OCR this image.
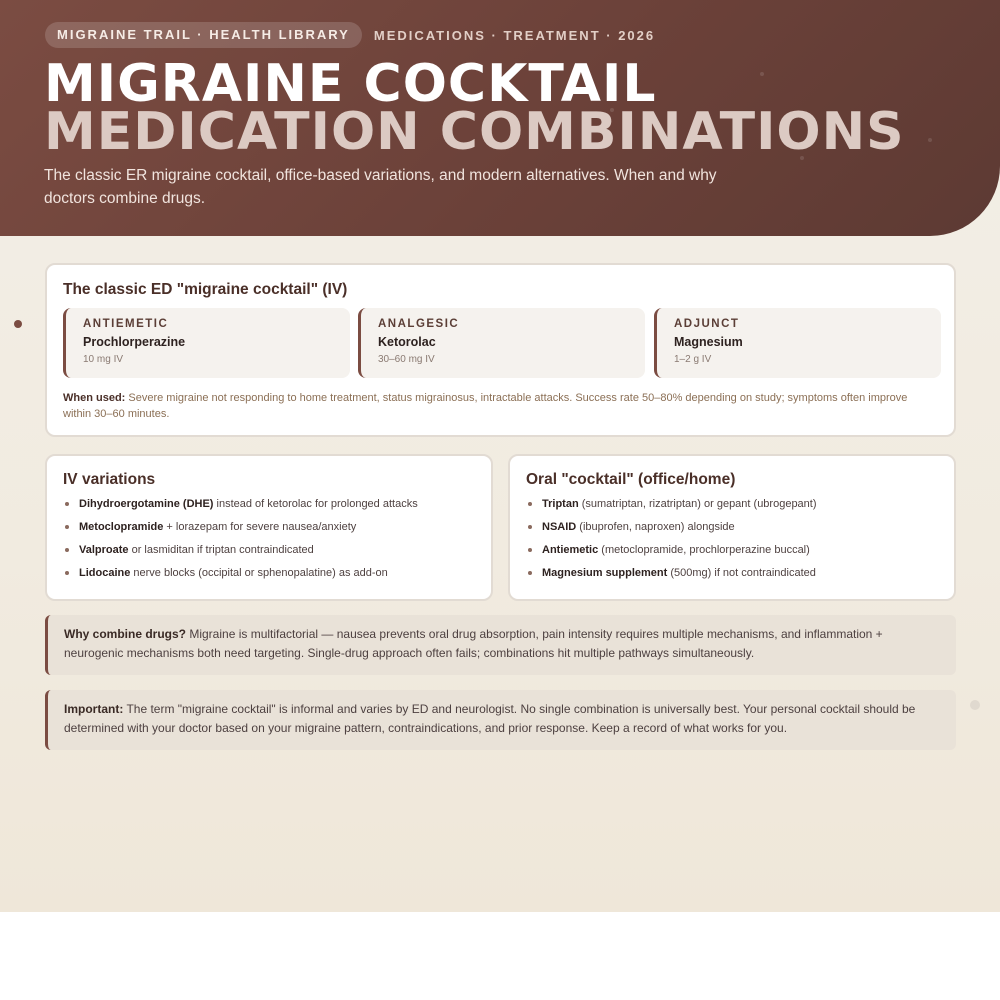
MIGRAINE TRAIL · HEALTH LIBRARY	MEDICATIONS · TREATMENT · 2026
MIGRAINE COCKTAIL
MEDICATION COMBINATIONS
The classic ER migraine cocktail, office-based variations, and modern alternatives. When and why doctors combine drugs.
The classic ED "migraine cocktail" (IV)
ANTIEMETIC
Prochlorperazine
10 mg IV
ANALGESIC
Ketorolac
30–60 mg IV
ADJUNCT
Magnesium
1–2 g IV

When used: Severe migraine not responding to home treatment, status migrainosus, intractable attacks. Success rate 50–80% depending on study; symptoms often improve within 30–60 minutes.

IV variations
Dihydroergotamine (DHE) instead of ketorolac for prolonged attacks
Metoclopramide + lorazepam for severe nausea/anxiety
Valproate or lasmiditan if triptan contraindicated
Lidocaine nerve blocks (occipital or sphenopalatine) as add-on
Oral "cocktail" (office/home)
Triptan (sumatriptan, rizatriptan) or gepant (ubrogepant)
NSAID (ibuprofen, naproxen) alongside
Antiemetic (metoclopramide, prochlorperazine buccal)
Magnesium supplement (500mg) if not contraindicated
Why combine drugs? Migraine is multifactorial — nausea prevents oral drug absorption, pain intensity requires multiple mechanisms, and inflammation + neurogenic mechanisms both need targeting. Single-drug approach often fails; combinations hit multiple pathways simultaneously.
Important: The term "migraine cocktail" is informal and varies by ED and neurologist. No single combination is universally best. Your personal cocktail should be determined with your doctor based on your migraine pattern, contraindications, and prior response. Keep a record of what works for you.
